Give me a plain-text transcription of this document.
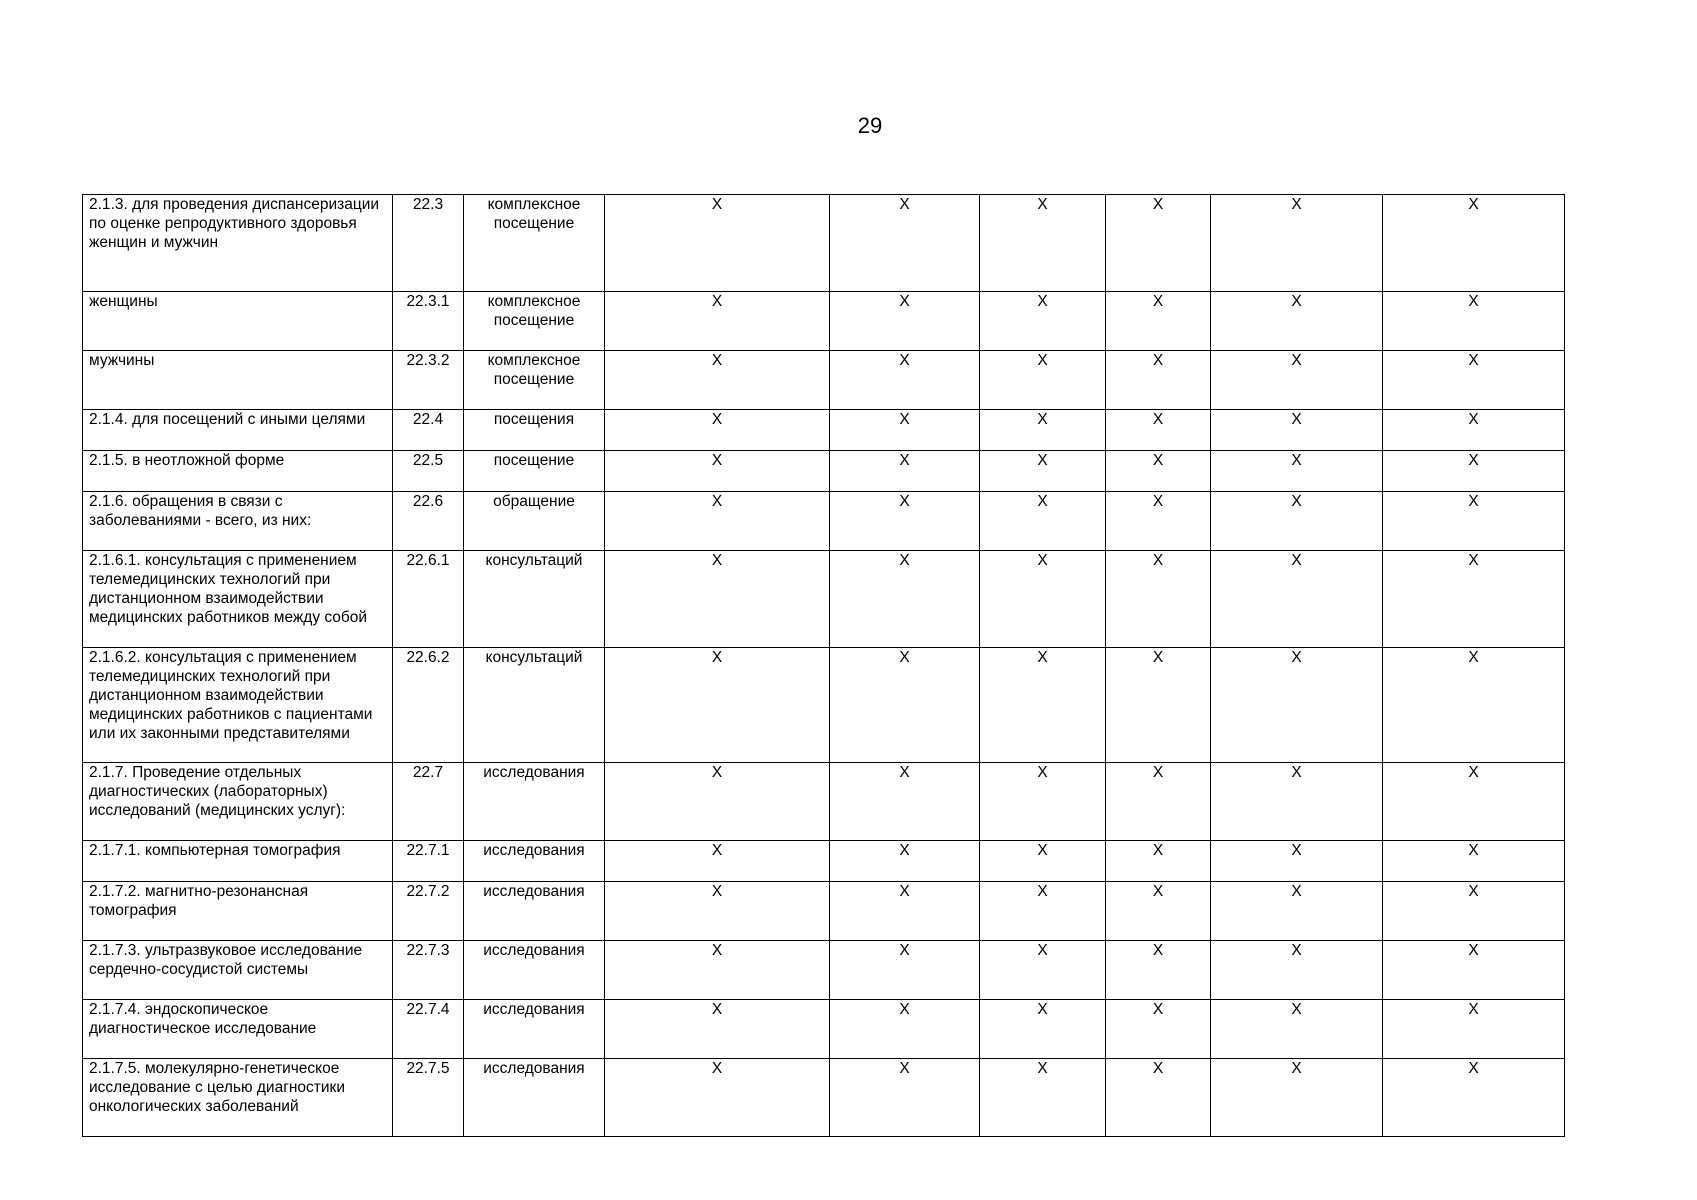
29
2.1.3. для проведения диспансеризации по оценке репродуктивного здоровья женщин и мужчин	22.3	комплексное посещение	Х	Х	Х	Х	Х	Х
женщины	22.3.1	комплексное посещение	Х	Х	Х	Х	Х	Х
мужчины	22.3.2	комплексное посещение	Х	Х	Х	Х	Х	Х
2.1.4. для посещений с иными целями	22.4	посещения	Х	Х	Х	Х	Х	Х
2.1.5. в неотложной форме	22.5	посещение	Х	Х	Х	Х	Х	Х
2.1.6. обращения в связи с заболеваниями - всего, из них:	22.6	обращение	Х	Х	Х	Х	Х	Х
2.1.6.1. консультация с применением телемедицинских технологий при дистанционном взаимодействии медицинских работников между собой	22.6.1	консультаций	Х	Х	Х	Х	Х	Х
2.1.6.2. консультация с применением телемедицинских технологий при дистанционном взаимодействии медицинских работников с пациентами или их законными представителями	22.6.2	консультаций	Х	Х	Х	Х	Х	Х
2.1.7. Проведение отдельных диагностических (лабораторных) исследований (медицинских услуг):	22.7	исследования	Х	Х	Х	Х	Х	Х
2.1.7.1. компьютерная томография	22.7.1	исследования	Х	Х	Х	Х	Х	Х
2.1.7.2. магнитно-резонансная томография	22.7.2	исследования	Х	Х	Х	Х	Х	Х
2.1.7.3. ультразвуковое исследование сердечно-сосудистой системы	22.7.3	исследования	Х	Х	Х	Х	Х	Х
2.1.7.4. эндоскопическое диагностическое исследование	22.7.4	исследования	Х	Х	Х	Х	Х	Х
2.1.7.5. молекулярно-генетическое исследование с целью диагностики онкологических заболеваний	22.7.5	исследования	Х	Х	Х	Х	Х	Х
